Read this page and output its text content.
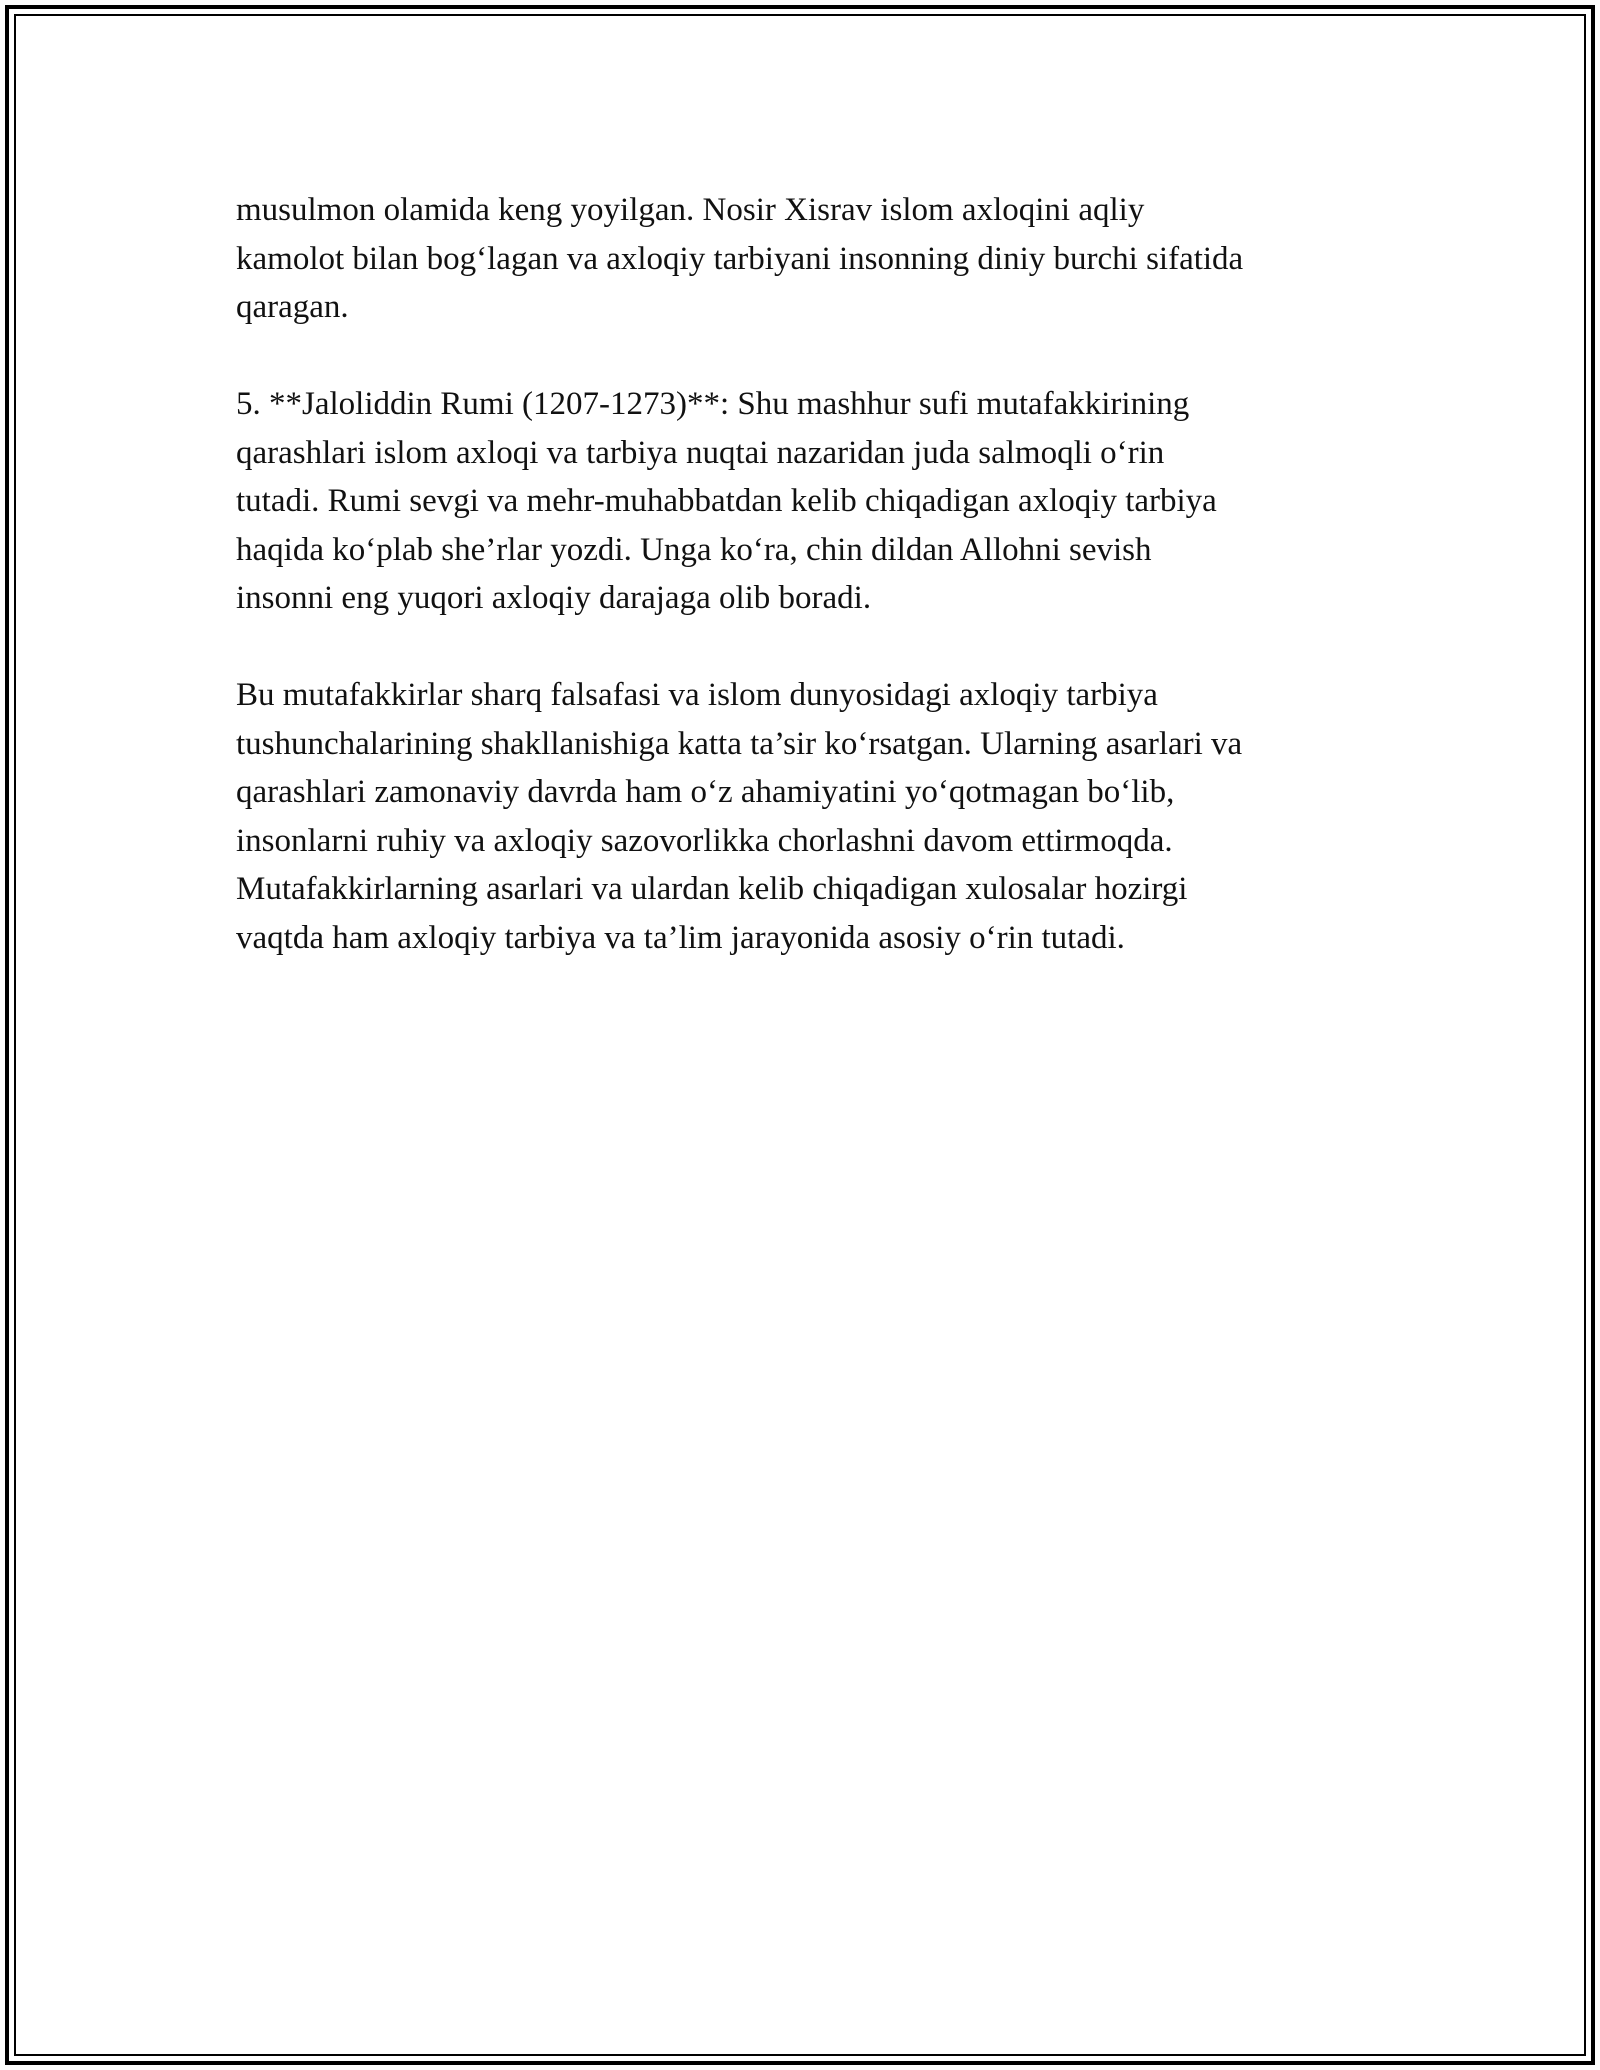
musulmon olamida keng yoyilgan. Nosir Xisrav islom axloqini aqliy
kamolot bilan bog‘lagan va axloqiy tarbiyani insonning diniy burchi sifatida
qaragan.

5. **Jaloliddin Rumi (1207-1273)**: Shu mashhur sufi mutafakkirining
qarashlari islom axloqi va tarbiya nuqtai nazaridan juda salmoqli o‘rin
tutadi. Rumi sevgi va mehr-muhabbatdan kelib chiqadigan axloqiy tarbiya
haqida ko‘plab she’rlar yozdi. Unga ko‘ra, chin dildan Allohni sevish
insonni eng yuqori axloqiy darajaga olib boradi.

Bu mutafakkirlar sharq falsafasi va islom dunyosidagi axloqiy tarbiya
tushunchalarining shakllanishiga katta ta’sir ko‘rsatgan. Ularning asarlari va
qarashlari zamonaviy davrda ham o‘z ahamiyatini yo‘qotmagan bo‘lib,
insonlarni ruhiy va axloqiy sazovorlikka chorlashni davom ettirmoqda.
Mutafakkirlarning asarlari va ulardan kelib chiqadigan xulosalar hozirgi
vaqtda ham axloqiy tarbiya va ta’lim jarayonida asosiy o‘rin tutadi.
